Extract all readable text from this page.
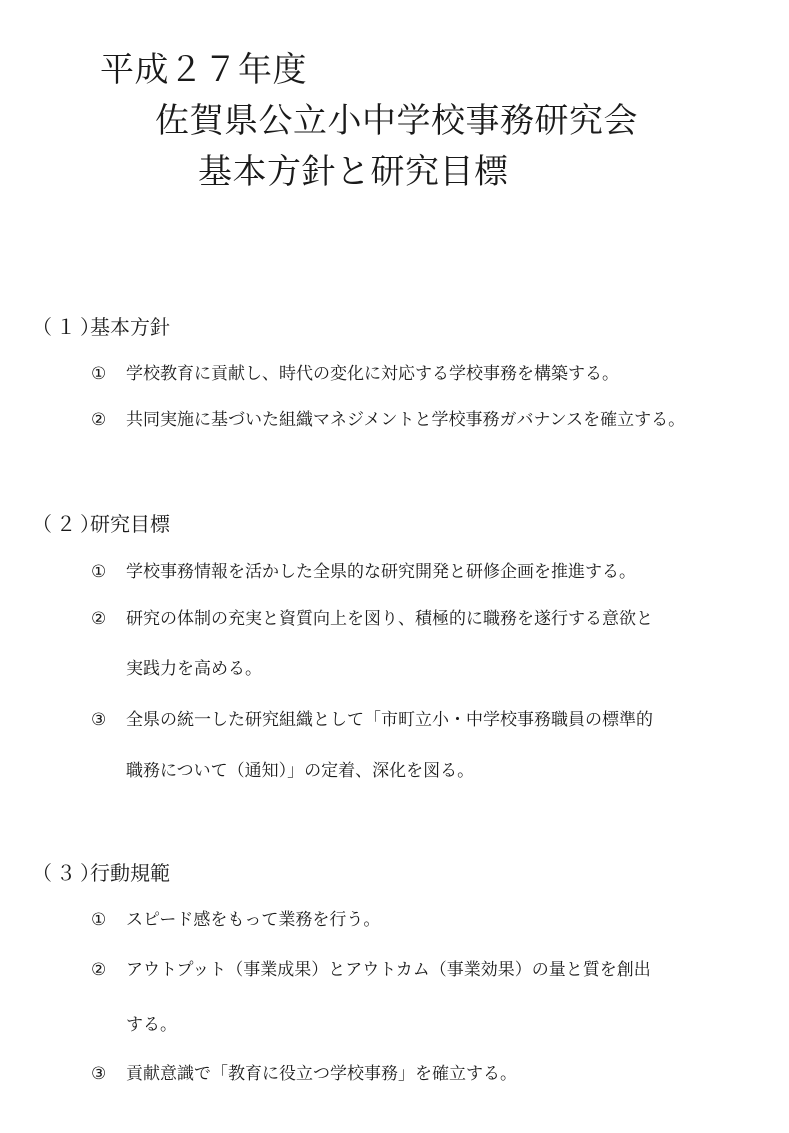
平成２７年度
佐賀県公立小中学校事務研究会
基本方針と研究目標
（１）基本方針
① 学校教育に貢献し、時代の変化に対応する学校事務を構築する。
② 共同実施に基づいた組織マネジメントと学校事務ガバナンスを確立する。
（２）研究目標
① 学校事務情報を活かした全県的な研究開発と研修企画を推進する。
② 研究の体制の充実と資質向上を図り、積極的に職務を遂行する意欲と
実践力を高める。
③ 全県の統一した研究組織として「市町立小・中学校事務職員の標準的
職務について（通知）」の定着、深化を図る。
（３）行動規範
① スピード感をもって業務を行う。
② アウトプット（事業成果）とアウトカム（事業効果）の量と質を創出
する。
③ 貢献意識で「教育に役立つ学校事務」を確立する。
